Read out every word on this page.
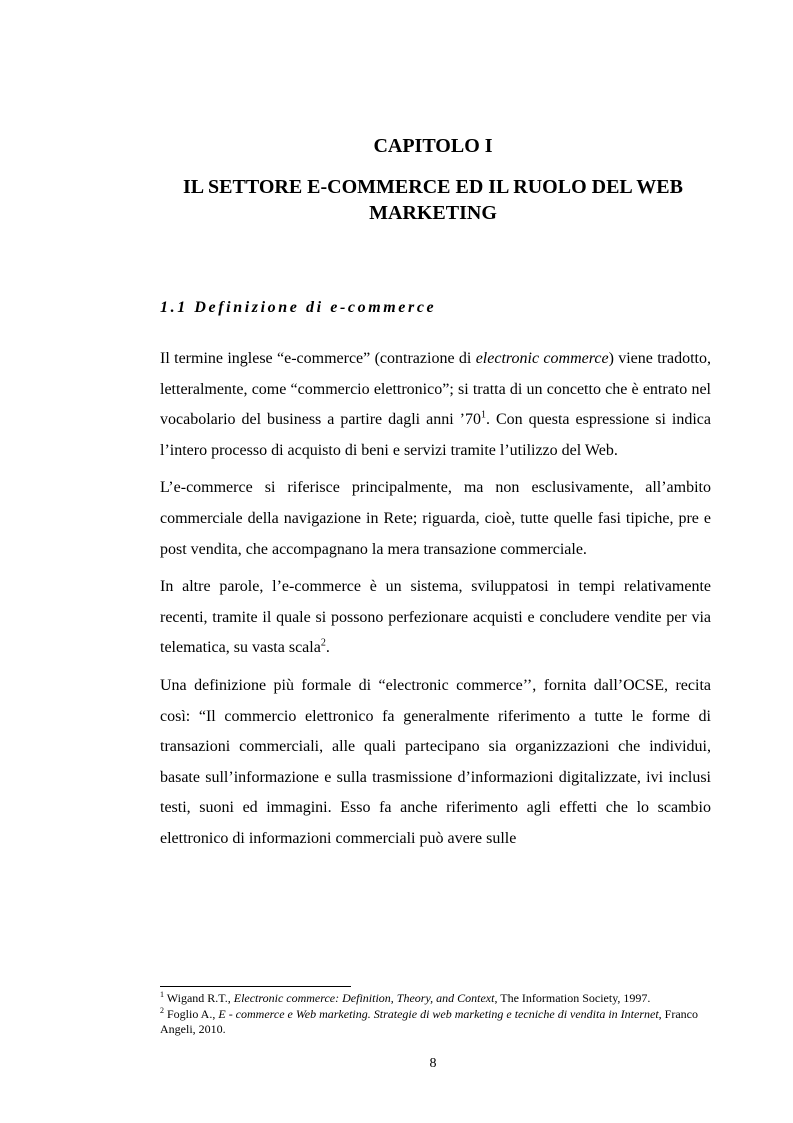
CAPITOLO I
IL SETTORE E-COMMERCE ED IL RUOLO DEL WEB MARKETING
1.1 Definizione di e-commerce

Il termine inglese “e-commerce” (contrazione di electronic commerce) viene tradotto, letteralmente, come “commercio elettronico”; si tratta di un concetto che è entrato nel vocabolario del business a partire dagli anni $’70^1$. Con questa espressione si indica l’intero processo di acquisto di beni e servizi tramite l’utilizzo del Web.

L’e-commerce si riferisce principalmente, ma non esclusivamente, all’ambito commerciale della navigazione in Rete; riguarda, cioè, tutte quelle fasi tipiche, pre e post vendita, che accompagnano la mera transazione commerciale.

In altre parole, l’e-commerce è un sistema, sviluppatosi in tempi relativamente recenti, tramite il quale si possono perfezionare acquisti e concludere vendite per via telematica, su vasta scala$^2$.

Una definizione più formale di “electronic commerce’’, fornita dall’OCSE, recita così: “Il commercio elettronico fa generalmente riferimento a tutte le forme di transazioni commerciali, alle quali partecipano sia organizzazioni che individui, basate sull’informazione e sulla trasmissione d’informazioni digitalizzate, ivi inclusi testi, suoni ed immagini. Esso fa anche riferimento agli effetti che lo scambio elettronico di informazioni commerciali può avere sulle

$^1$ Wigand R.T., Electronic commerce: Definition, Theory, and Context, The Information Society, 1997.
$^2$ Foglio A., E - commerce e Web marketing. Strategie di web marketing e tecniche di vendita in Internet, Franco Angeli, 2010.
8
